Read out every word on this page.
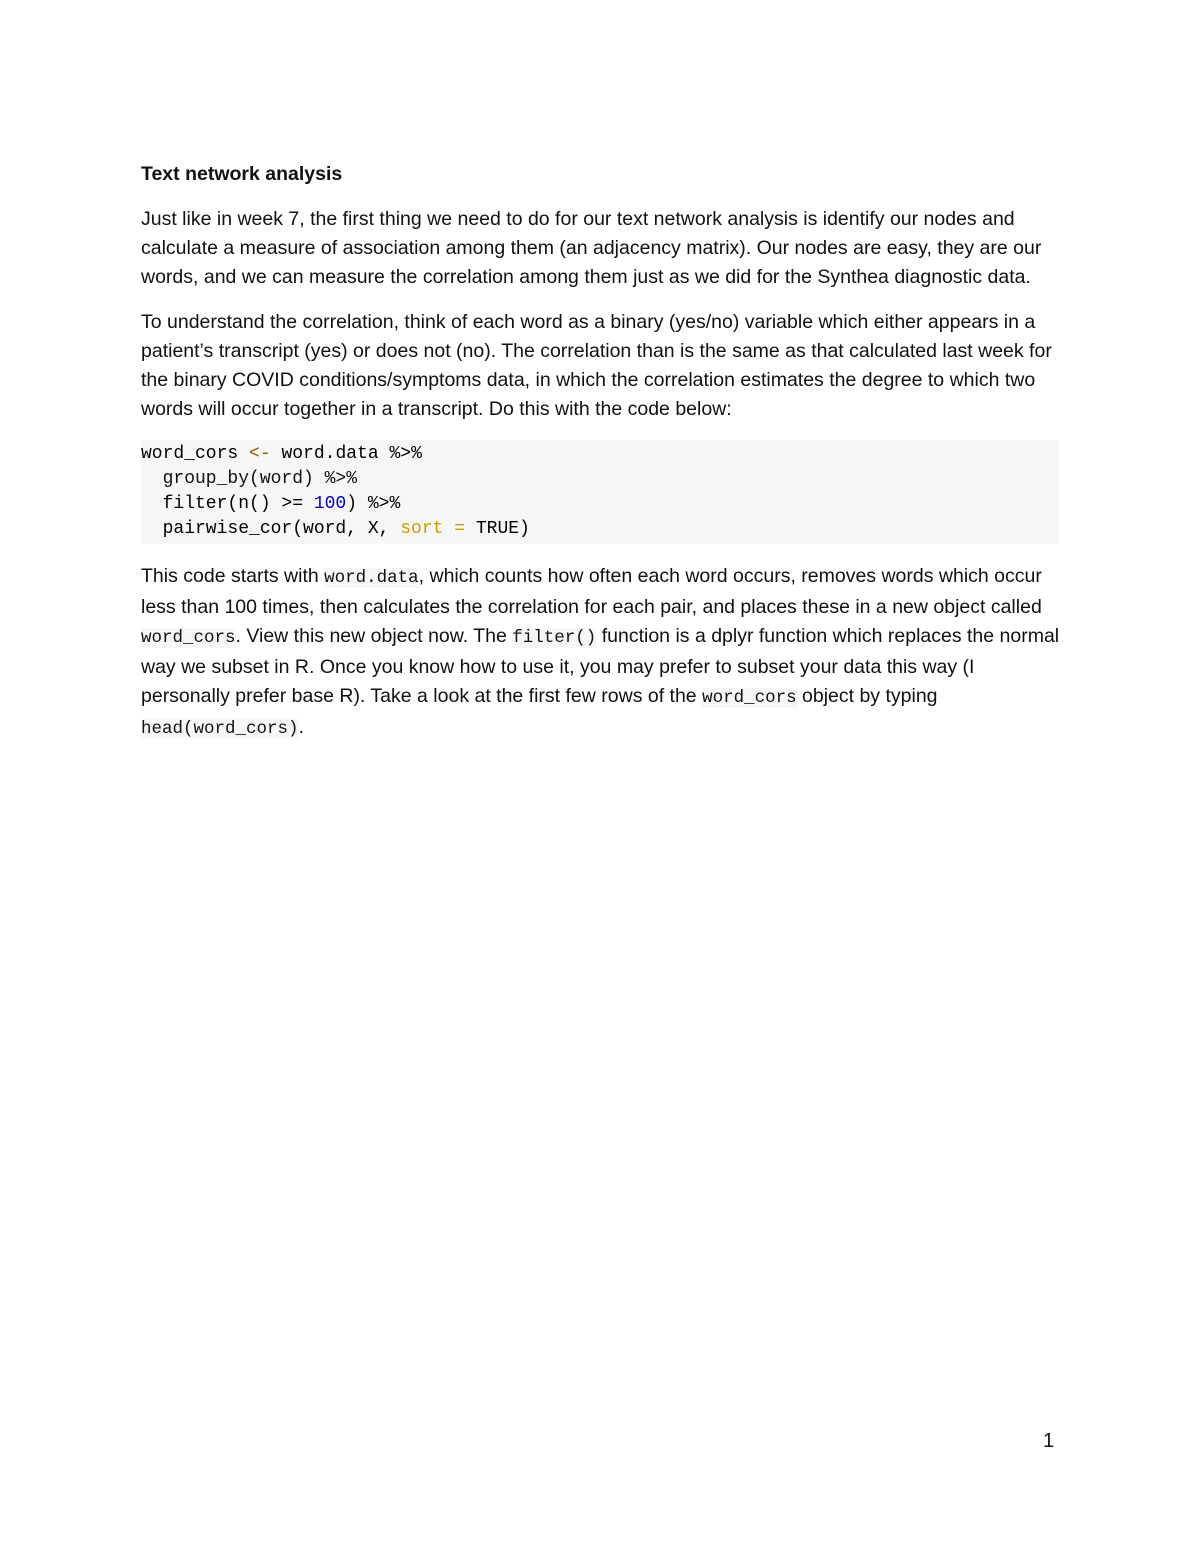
Text network analysis

Just like in week 7, the first thing we need to do for our text network analysis is identify our nodes and calculate a measure of association among them (an adjacency matrix). Our nodes are easy, they are our words, and we can measure the correlation among them just as we did for the Synthea diagnostic data.

To understand the correlation, think of each word as a binary (yes/no) variable which either appears in a patient’s transcript (yes) or does not (no). The correlation than is the same as that calculated last week for the binary COVID conditions/symptoms data, in which the correlation estimates the degree to which two words will occur together in a transcript. Do this with the code below:

word_cors <- word.data %>%
group_by(word) %>%
filter(n() >= 100) %>%
pairwise_cor(word, X, sort = TRUE)

This code starts with word.data, which counts how often each word occurs, removes words which occur less than 100 times, then calculates the correlation for each pair, and places these in a new object called word_cors. View this new object now. The filter() function is a dplyr function which replaces the normal way we subset in R. Once you know how to use it, you may prefer to subset your data this way (I personally prefer base R). Take a look at the first few rows of the word_cors object by typing head(word_cors).

1
